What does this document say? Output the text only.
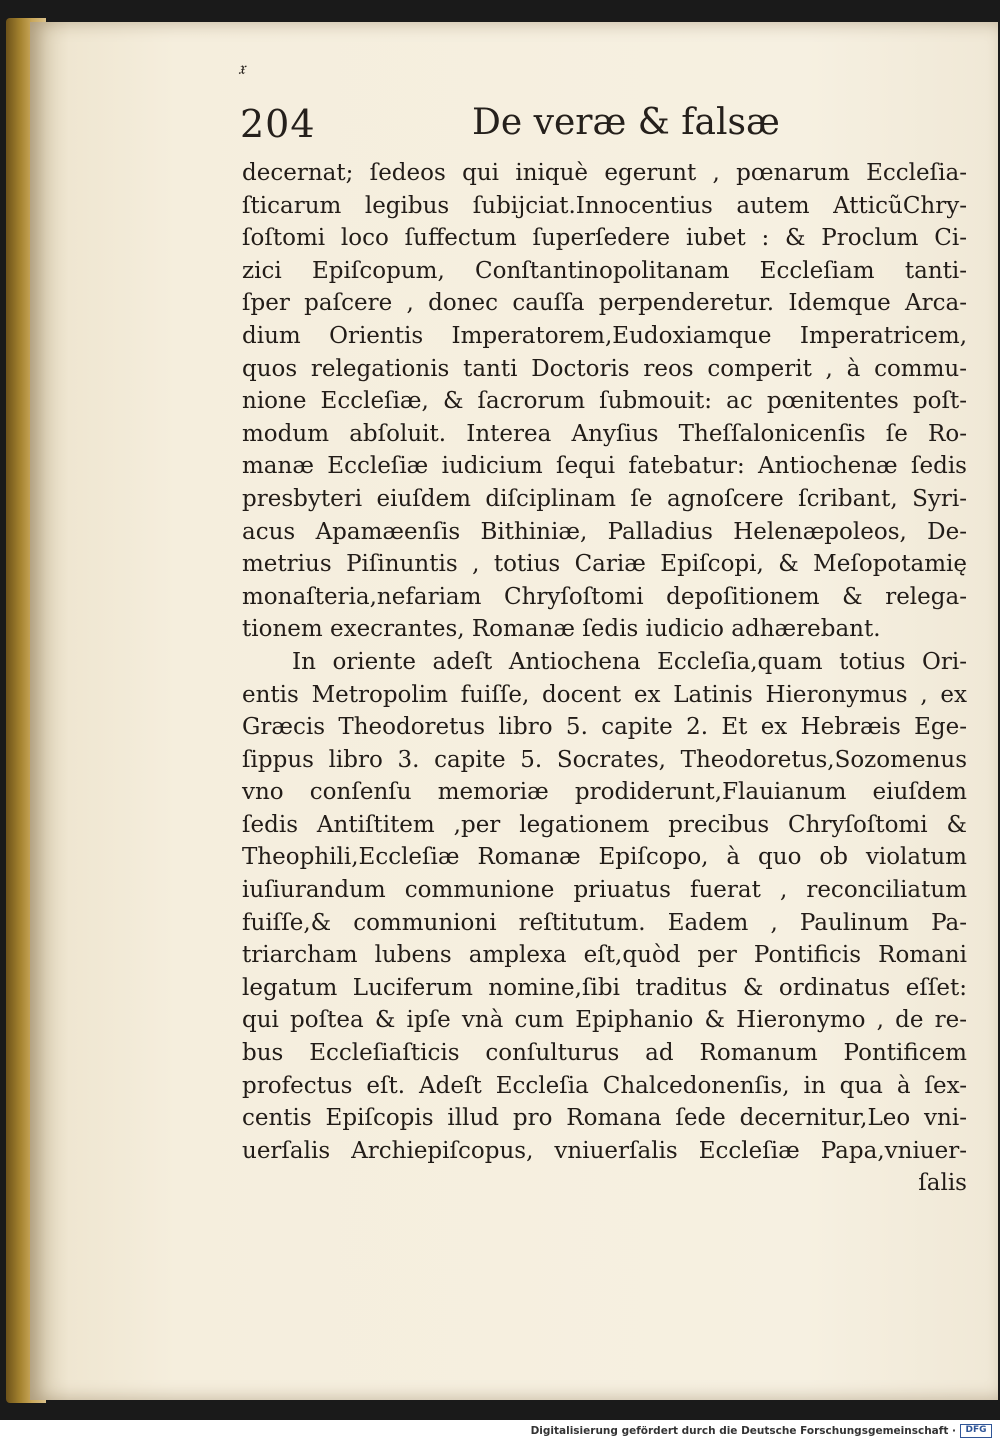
𝔵
204	De veræ & falsæ
decernat; ſedeos qui iniquè egerunt , pœnarum Eccleſia-
ſticarum legibus ſubijciat.Innocentius autem AtticũChry-
ſoſtomi loco ſuffectum ſuperſedere iubet : & Proclum Ci-
zici Epiſcopum, Conſtantinopolitanam Eccleſiam tanti-
ſper paſcere , donec cauſſa perpenderetur. Idemque Arca-
dium Orientis Imperatorem,Eudoxiamque Imperatricem,
quos relegationis tanti Doctoris reos comperit , à commu-
nione Eccleſiæ, & ſacrorum ſubmouit: ac pœnitentes poſt-
modum abſoluit. Interea Anyſius Theſſalonicenſis ſe Ro-
manæ Eccleſiæ iudicium ſequi fatebatur: Antiochenæ ſedis
presbyteri eiuſdem diſciplinam ſe agnoſcere ſcribant, Syri-
acus Apamæenſis Bithiniæ, Palladius Helenæpoleos, De-
metrius Piſinuntis , totius Cariæ Epiſcopi, & Meſopotamię
monaſteria,nefariam Chryſoſtomi depoſitionem & relega-
tionem execrantes, Romanæ ſedis iudicio adhærebant.
In oriente adeſt Antiochena Eccleſia,quam totius Ori-
entis Metropolim fuiſſe, docent ex Latinis Hieronymus , ex
Græcis Theodoretus libro 5. capite 2. Et ex Hebræis Ege-
ſippus libro 3. capite 5. Socrates, Theodoretus,Sozomenus
vno conſenſu memoriæ prodiderunt,Flauianum eiuſdem
ſedis Antiſtitem ,per legationem precibus Chryſoſtomi &
Theophili,Eccleſiæ Romanæ Epiſcopo, à quo ob violatum
iuſiurandum communione priuatus fuerat , reconciliatum
fuiſſe,& communioni reſtitutum. Eadem , Paulinum Pa-
triarcham lubens amplexa eſt,quòd per Pontificis Romani
legatum Luciferum nomine,ſibi traditus & ordinatus eſſet:
qui poſtea & ipſe vnà cum Epiphanio & Hieronymo , de re-
bus Eccleſiaſticis conſulturus ad Romanum Pontificem
profectus eſt. Adeſt Eccleſia Chalcedonenſis, in qua à ſex-
centis Epiſcopis illud pro Romana ſede decernitur,Leo vni-
uerſalis Archiepiſcopus, vniuerſalis Eccleſiæ Papa,vniuer-
ſalis
Digitalisierung gefördert durch die Deutsche Forschungsgemeinschaft ·	DFG
